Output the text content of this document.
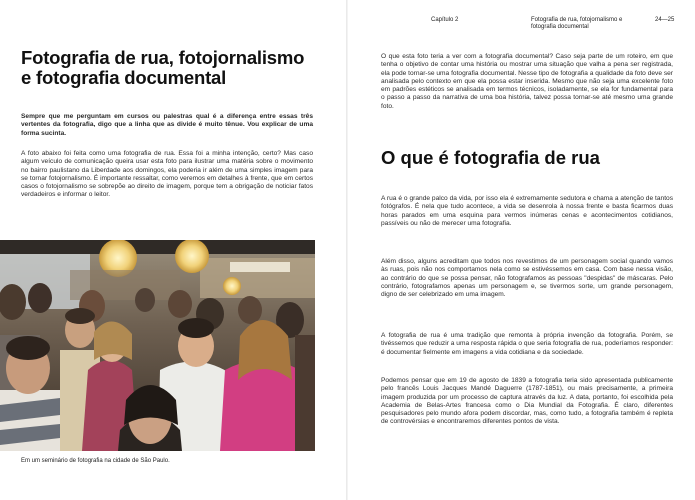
Capítulo 2	Fotografia de rua, fotojornalismo e fotografia documental
24—25
Fotografia de rua, fotojornalismo e fotografia documental

Sempre que me perguntam em cursos ou palestras qual é a diferença entre essas três vertentes da fotografia, digo que a linha que as divide é muito tênue. Vou explicar de uma forma sucinta.

A foto abaixo foi feita como uma fotografia de rua. Essa foi a minha intenção, certo? Mas caso algum veículo de comunicação queira usar esta foto para ilustrar uma matéria sobre o movimento no bairro paulistano da Liberdade aos domingos, ela poderia ir além de uma simples imagem para se tornar fotojornalismo. É importante ressaltar, como veremos em detalhes à frente, que em certos casos o fotojornalismo se sobrepõe ao direito de imagem, porque tem a obrigação de noticiar fatos verdadeiros e informar o leitor.

Em um seminário de fotografia na cidade de São Paulo.

O que esta foto teria a ver com a fotografia documental? Caso seja parte de um roteiro, em que tenha o objetivo de contar uma história ou mostrar uma situação que valha a pena ser registrada, ela pode tornar-se uma fotografia documental. Nesse tipo de fotografia a qualidade da foto deve ser analisada pelo contexto em que ela possa estar inserida. Mesmo que não seja uma excelente foto em padrões estéticos se analisada em termos técnicos, isoladamente, se ela for fundamental para o passo a passo da narrativa de uma boa história, talvez possa tornar-se até mesmo uma grande foto.

O que é fotografia de rua

A rua é o grande palco da vida, por isso ela é extremamente sedutora e chama a atenção de tantos fotógrafos. É nela que tudo acontece, a vida se desenrola à nossa frente e basta ficarmos duas horas parados em uma esquina para vermos inúmeras cenas e acontecimentos cotidianos, passíveis ou não de merecer uma fotografia.

Além disso, alguns acreditam que todos nos revestimos de um personagem social quando vamos às ruas, pois não nos comportamos nela como se estivéssemos em casa. Com base nessa visão, ao contrário do que se possa pensar, não fotografamos as pessoas "despidas" de máscaras. Pelo contrário, fotografamos apenas um personagem e, se tivermos sorte, um grande personagem, digno de ser celebrizado em uma imagem.

A fotografia de rua é uma tradição que remonta à própria invenção da fotografia. Porém, se tivéssemos que reduzir a uma resposta rápida o que seria fotografia de rua, poderíamos responder: é documentar fielmente em imagens a vida cotidiana e da sociedade.

Podemos pensar que em 19 de agosto de 1839 a fotografia teria sido apresentada publicamente pelo francês Louis Jacques Mandé Daguerre (1787-1851), ou mais precisamente, a primeira imagem produzida por um processo de captura através da luz. A data, portanto, foi escolhida pela Academia de Belas-Artes francesa como o Dia Mundial da Fotografia. É claro, diferentes pesquisadores pelo mundo afora podem discordar, mas, como tudo, a fotografia também é repleta de controvérsias e encontraremos diferentes pontos de vista.
